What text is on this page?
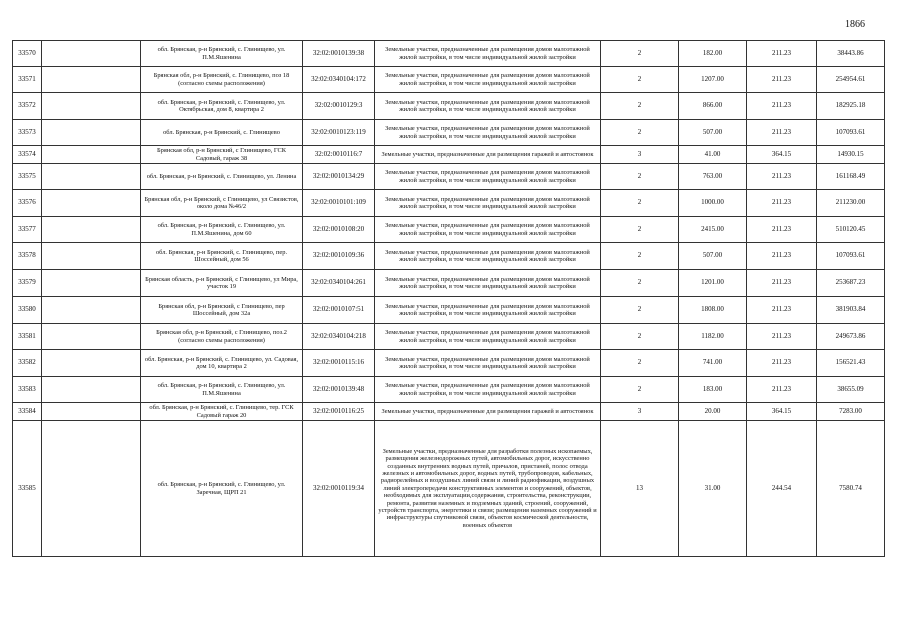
1866
33570		обл. Брянская, р-н Брянский, с. Глинищево, ул. П.М.Яшенина	32:02:0010139:38	Земельные участки, предназначенные для размещения домов малоэтажной жилой застройки, в том числе индивидуальной жилой застройки	2	182.00	211.23	38443.86
33571		Брянская обл, р-н Брянский, с. Глинищево, поз 18 (согласно схемы расположения)	32:02:0340104:172	Земельные участки, предназначенные для размещения домов малоэтажной жилой застройки, в том числе индивидуальной жилой застройки	2	1207.00	211.23	254954.61
33572		обл. Брянская, р-н Брянский, с. Глинищево, ул. Октябрьская, дом 8, квартира 2	32:02:0010129:3	Земельные участки, предназначенные для размещения домов малоэтажной жилой застройки, в том числе индивидуальной жилой застройки	2	866.00	211.23	182925.18
33573		обл. Брянская, р-н Брянский, с. Глинищево	32:02:0010123:119	Земельные участки, предназначенные для размещения домов малоэтажной жилой застройки, в том числе индивидуальной жилой застройки	2	507.00	211.23	107093.61
33574		Брянская обл, р-н Брянский, с Глинищево, ГСК Садовый, гараж 38	32:02:0010116:7	Земельные участки, предназначенные для размещения гаражей и автостоянок	3	41.00	364.15	14930.15
33575		обл. Брянская, р-н Брянский, с. Глинищево, ул. Ленина	32:02:0010134:29	Земельные участки, предназначенные для размещения домов малоэтажной жилой застройки, в том числе индивидуальной жилой застройки	2	763.00	211.23	161168.49
33576		Брянская обл, р-н Брянский, с Глинищево, ул Связистов, около дома №46/2	32:02:0010101:109	Земельные участки, предназначенные для размещения домов малоэтажной жилой застройки, в том числе индивидуальной жилой застройки	2	1000.00	211.23	211230.00
33577		обл. Брянская, р-н Брянский, с. Глинищево, ул. П.М.Яшенина, дом 60	32:02:0010108:20	Земельные участки, предназначенные для размещения домов малоэтажной жилой застройки, в том числе индивидуальной жилой застройки	2	2415.00	211.23	510120.45
33578		обл. Брянская, р-н Брянский, с. Глинищево, пер. Шоссейный, дом 56	32:02:0010109:36	Земельные участки, предназначенные для размещения домов малоэтажной жилой застройки, в том числе индивидуальной жилой застройки	2	507.00	211.23	107093.61
33579		Брянская область, р-н Брянский, с Глинищево, ул Мира, участок 19	32:02:0340104:261	Земельные участки, предназначенные для размещения домов малоэтажной жилой застройки, в том числе индивидуальной жилой застройки	2	1201.00	211.23	253687.23
33580		Брянская обл, р-н Брянский, с Глинищево, пер Шоссейный, дом 32а	32:02:0010107:51	Земельные участки, предназначенные для размещения домов малоэтажной жилой застройки, в том числе индивидуальной жилой застройки	2	1808.00	211.23	381903.84
33581		Брянская обл, р-н Брянский, с Глинищево, поз.2 (согласно схемы расположения)	32:02:0340104:218	Земельные участки, предназначенные для размещения домов малоэтажной жилой застройки, в том числе индивидуальной жилой застройки	2	1182.00	211.23	249673.86
33582		обл. Брянская, р-н Брянский, с. Глинищево, ул. Садовая, дом 10, квартира 2	32:02:0010115:16	Земельные участки, предназначенные для размещения домов малоэтажной жилой застройки, в том числе индивидуальной жилой застройки	2	741.00	211.23	156521.43
33583		обл. Брянская, р-н Брянский, с. Глинищево, ул. П.М.Яшенина	32:02:0010139:48	Земельные участки, предназначенные для размещения домов малоэтажной жилой застройки, в том числе индивидуальной жилой застройки	2	183.00	211.23	38655.09
33584		обл. Брянская, р-н Брянский, с. Глинищево, тер. ГСК Садовый гараж 20	32:02:0010116:25	Земельные участки, предназначенные для размещения гаражей и автостоянок	3	20.00	364.15	7283.00
33585		обл. Брянская, р-н Брянский, с. Глинищево, ул. Заречная, ЩРП 21	32:02:0010119:34	Земельные участки, предназначенные для разработки полезных ископаемых, размещения железнодорожных путей, автомобильных дорог, искусственно созданных внутренних водных путей, причалов, пристаней, полос отвода железных и автомобильных дорог, водных путей, трубопроводов, кабельных, радиорелейных и воздушных линий связи и линий радиофикации, воздушных линий электропередачи конструктивных элементов и сооружений, объектов, необходимых для эксплуатации,содержания, строительства, реконструкции, ремонта, развития наземных и подземных зданий, строений, сооружений, устройств транспорта, энергетики и связи; размещения наземных сооружений и инфраструктуры спутниковой связи, объектов космической деятельности, военных объектов	13	31.00	244.54	7580.74
